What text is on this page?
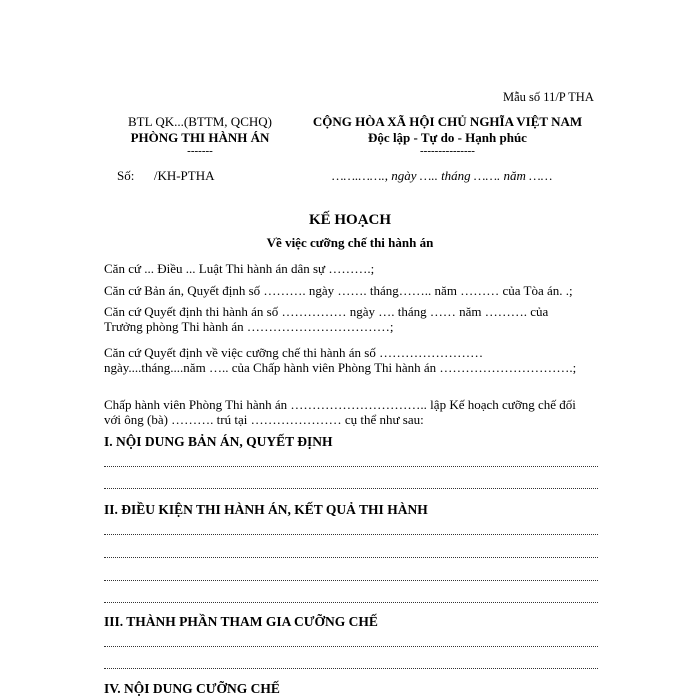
Mẫu số 11/P THA
BTL QK...(BTTM, QCHQ)
PHÒNG THI HÀNH ÁN
-------
Số:      /KH-PTHA
CỘNG HÒA XÃ HỘI CHỦ NGHĨA VIỆT NAM
Độc lập - Tự do - Hạnh phúc
---------------
…….……., ngày ….. tháng ……. năm ……
KẾ HOẠCH
Về việc cưỡng chế thi hành án
Căn cứ ... Điều ... Luật Thi hành án dân sự ……….;
Căn cứ Bản án, Quyết định số ………. ngày ……. tháng…….. năm ……… của Tòa án. .;
Căn cứ Quyết định thi hành án số …………… ngày …. tháng …… năm ………. của Trưởng phòng Thi hành án ……………………………;
Căn cứ Quyết định về việc cưỡng chế thi hành án số …………………… ngày....tháng....năm ….. của Chấp hành viên Phòng Thi hành án ………………………….;
Chấp hành viên Phòng Thi hành án ………………………….. lập Kế hoạch cưỡng chế đối với ông (bà) ………. trú tại ………………… cụ thể như sau:
I. NỘI DUNG BẢN ÁN, QUYẾT ĐỊNH
II. ĐIỀU KIỆN THI HÀNH ÁN, KẾT QUẢ THI HÀNH
III. THÀNH PHẦN THAM GIA CƯỠNG CHẾ
IV. NỘI DUNG CƯỠNG CHẾ
